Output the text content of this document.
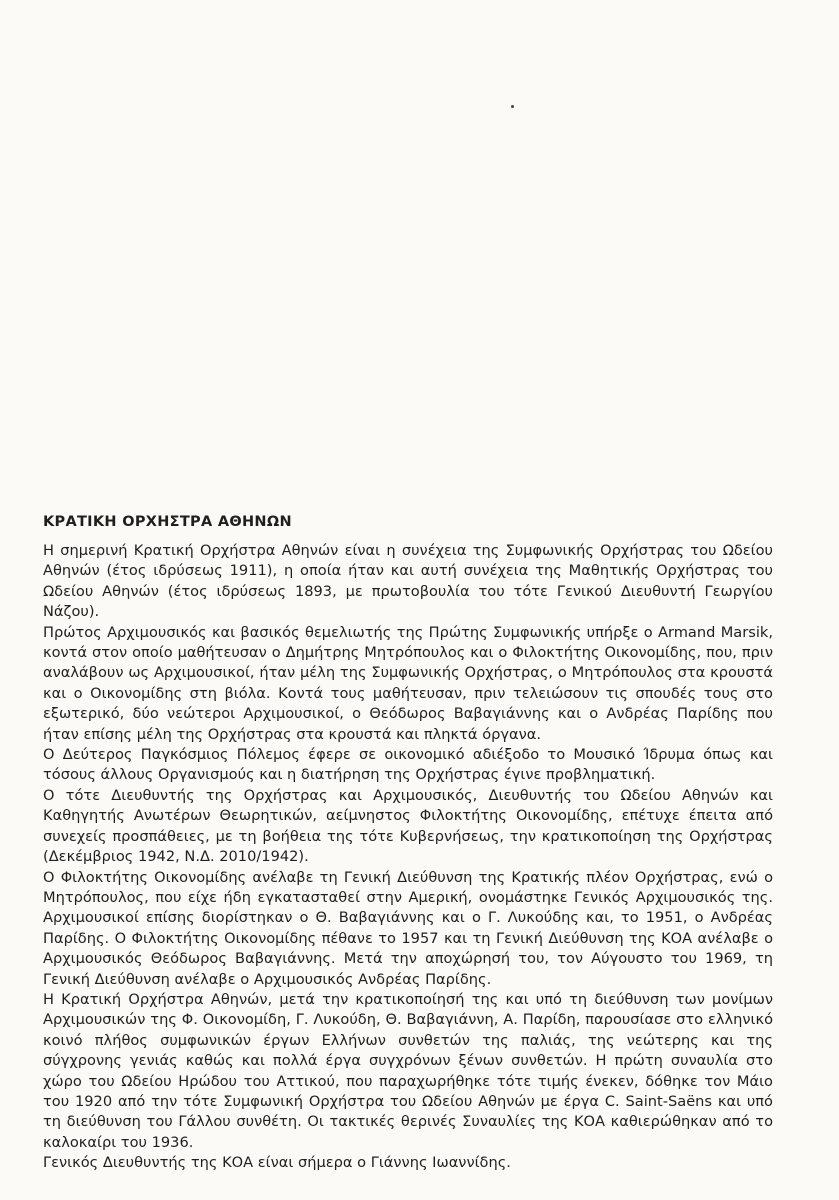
ΚΡΑΤΙΚΗ ΟΡΧΗΣΤΡΑ ΑΘΗΝΩΝ

Η σημερινή Κρατική Ορχήστρα Αθηνών είναι η συνέχεια της Συμφωνικής Ορχήστρας του Ωδείου Αθηνών (έτος ιδρύσεως 1911), η οποία ήταν και αυτή συνέχεια της Μαθητικής Ορχήστρας του Ωδείου Αθηνών (έτος ιδρύσεως 1893, με πρωτοβουλία του τότε Γενικού Διευθυντή Γεωργίου Νάζου).

Πρώτος Αρχιμουσικός και βασικός θεμελιωτής της Πρώτης Συμφωνικής υπήρξε ο Armand Marsik, κοντά στον οποίο μαθήτευσαν ο Δημήτρης Μητρόπουλος και ο Φιλοκτήτης Οικονομίδης, που, πριν αναλάβουν ως Αρχιμουσικοί, ήταν μέλη της Συμφωνικής Ορχήστρας, ο Μητρόπουλος στα κρουστά και ο Οικονομίδης στη βιόλα. Κοντά τους μαθήτευσαν, πριν τελειώσουν τις σπουδές τους στο εξωτερικό, δύο νεώτεροι Αρχιμουσικοί, ο Θεόδωρος Βαβαγιάννης και ο Ανδρέας Παρίδης που ήταν επίσης μέλη της Ορχήστρας στα κρουστά και πληκτά όργανα.

Ο Δεύτερος Παγκόσμιος Πόλεμος έφερε σε οικονομικό αδιέξοδο το Μουσικό Ίδρυμα όπως και τόσους άλλους Οργανισμούς και η διατήρηση της Ορχήστρας έγινε προβληματική.

Ο τότε Διευθυντής της Ορχήστρας και Αρχιμουσικός, Διευθυντής του Ωδείου Αθηνών και Καθηγητής Ανωτέρων Θεωρητικών, αείμνηστος Φιλοκτήτης Οικονομίδης, επέτυχε έπειτα από συνεχείς προσπάθειες, με τη βοήθεια της τότε Κυβερνήσεως, την κρατικοποίηση της Ορχήστρας (Δεκέμβριος 1942, Ν.Δ. 2010/1942).

Ο Φιλοκτήτης Οικονομίδης ανέλαβε τη Γενική Διεύθυνση της Κρατικής πλέον Ορχήστρας, ενώ ο Μητρόπουλος, που είχε ήδη εγκατασταθεί στην Αμερική, ονομάστηκε Γενικός Αρχιμουσικός της. Αρχιμουσικοί επίσης διορίστηκαν ο Θ. Βαβαγιάννης και ο Γ. Λυκούδης και, το 1951, ο Ανδρέας Παρίδης. Ο Φιλοκτήτης Οικονομίδης πέθανε το 1957 και τη Γενική Διεύθυνση της ΚΟΑ ανέλαβε ο Αρχιμουσικός Θεόδωρος Βαβαγιάννης. Μετά την αποχώρησή του, τον Αύγουστο του 1969, τη Γενική Διεύθυνση ανέλαβε ο Αρχιμουσικός Ανδρέας Παρίδης.

Η Κρατική Ορχήστρα Αθηνών, μετά την κρατικοποίησή της και υπό τη διεύθυνση των μονίμων Αρχιμουσικών της Φ. Οικονομίδη, Γ. Λυκούδη, Θ. Βαβαγιάννη, Α. Παρίδη, παρουσίασε στο ελληνικό κοινό πλήθος συμφωνικών έργων Ελλήνων συνθετών της παλιάς, της νεώτερης και της σύγχρονης γενιάς καθώς και πολλά έργα συγχρόνων ξένων συνθετών. Η πρώτη συναυλία στο χώρο του Ωδείου Ηρώδου του Αττικού, που παραχωρήθηκε τότε τιμής ένεκεν, δόθηκε τον Μάιο του 1920 από την τότε Συμφωνική Ορχήστρα του Ωδείου Αθηνών με έργα C. Saint-Saëns και υπό τη διεύθυνση του Γάλλου συνθέτη. Οι τακτικές θερινές Συναυλίες της ΚΟΑ καθιερώθηκαν από το καλοκαίρι του 1936.

Γενικός Διευθυντής της ΚΟΑ είναι σήμερα ο Γιάννης Ιωαννίδης.
